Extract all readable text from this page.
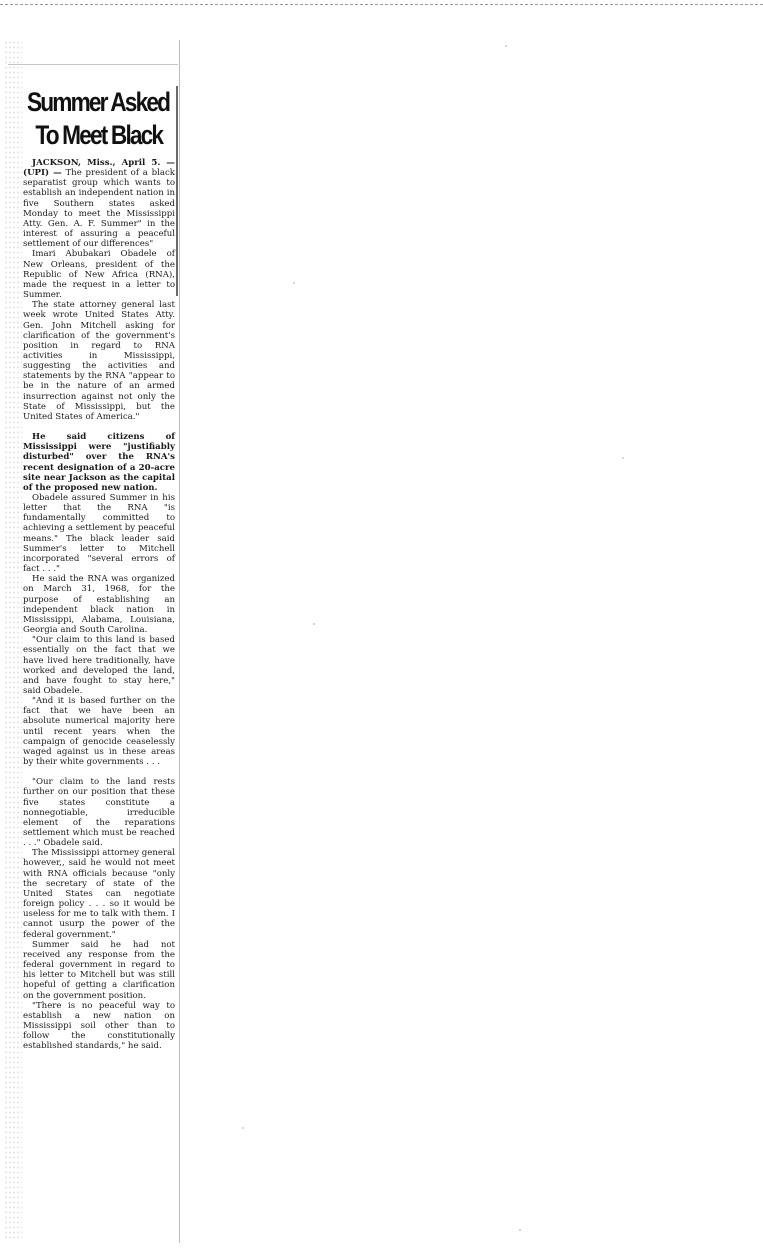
Summer Asked
To Meet Black

JACKSON, Miss., April 5. —(UPI) — The president of a black separatist group which wants to establish an independent nation in five Southern states asked Monday to meet the Mississippi Atty. Gen. A. F. Summer" in the interest of assuring a peaceful settlement of our differences"

Imari Abubakari Obadele of New Orleans, president of the Republic of New Africa (RNA), made the request in a letter to Summer.

The state attorney general last week wrote United States Atty. Gen. John Mitchell asking for clarification of the government's position in regard to RNA activities in Mississippi, suggesting the activities and statements by the RNA "appear to be in the nature of an armed insurrection against not only the State of Mississippi, but the United States of America."

He said citizens of Mississippi were "justifiably disturbed" over the RNA's recent designation of a 20-acre site near Jackson as the capital of the proposed new nation.

Obadele assured Summer in his letter that the RNA "is fundamentally committed to achieving a settlement by peaceful means." The black leader said Summer's letter to Mitchell incorporated "several errors of fact . . ."

He said the RNA was organized on March 31, 1968, for the purpose of establishing an independent black nation in Mississippi, Alabama, Louisiana, Georgia and South Carolina.

"Our claim to this land is based essentially on the fact that we have lived here traditionally, have worked and developed the land, and have fought to stay here," said Obadele.

"And it is based further on the fact that we have been an absolute numerical majority here until recent years when the campaign of genocide ceaselessly waged against us in these areas by their white governments . . .

"Our claim to the land rests further on our position that these five states constitute a nonnegotiable, irreducible element of the reparations settlement which must be reached . . ." Obadele said.

The Mississippi attorney general however,, said he would not meet with RNA officials because "only the secretary of state of the United States can negotiate foreign policy . . . so it would be useless for me to talk with them. I cannot usurp the power of the federal government."

Summer said he had not received any response from the federal government in regard to his letter to Mitchell but was still hopeful of getting a clarification on the government position.

"There is no peaceful way to establish a new nation on Mississippi soil other than to follow the constitutionally established standards," he said.
